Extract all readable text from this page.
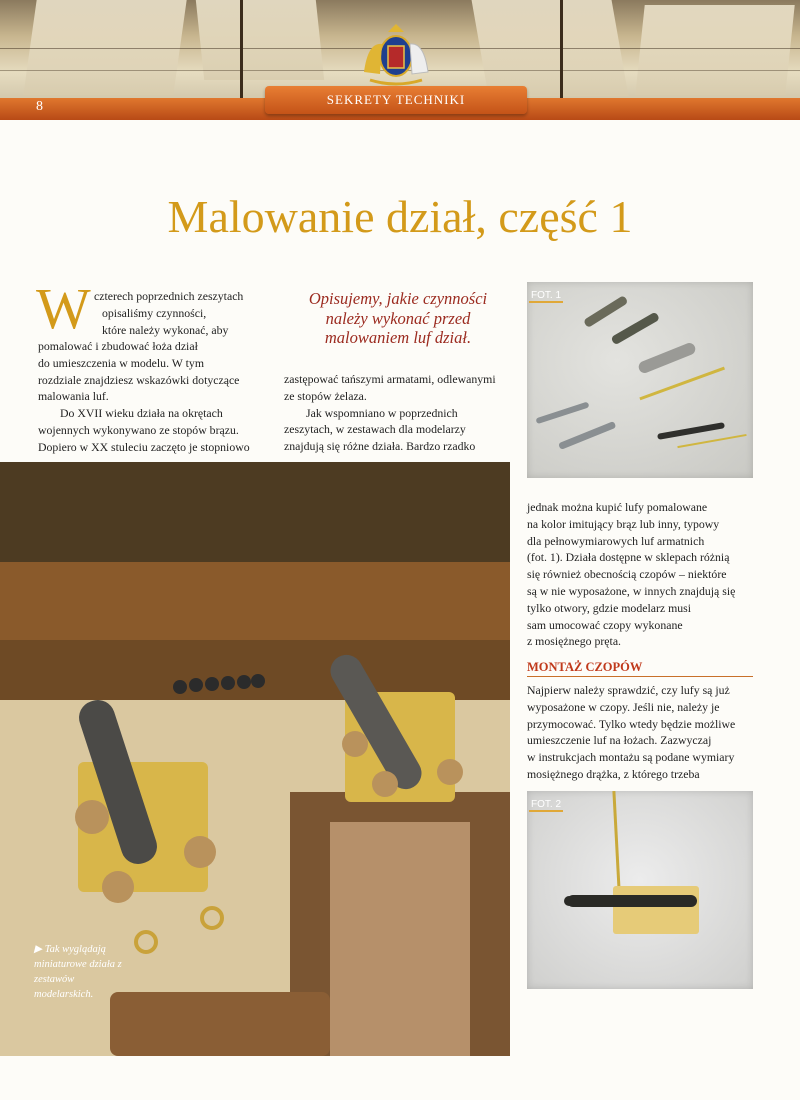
8	SEKRETY TECHNIKI
Malowanie dział, część 1
W czterech poprzednich zeszytach

opisaliśmy czynności,

które należy wykonać, aby

pomalować i zbudować łoża dział

do umieszczenia w modelu. W tym

rozdziale znajdziesz wskazówki dotyczące

malowania luf.

Do XVII wieku działa na okrętach

wojennych wykonywano ze stopów brązu.

Dopiero w XX stuleciu zaczęto je stopniowo

Opisujemy, jakie czynności należy wykonać przed malowaniem luf dział.

zastępować tańszymi armatami, odlewanymi

ze stopów żelaza.

Jak wspomniano w poprzednich

zeszytach, w zestawach dla modelarzy

znajdują się różne działa. Bardzo rzadko

FOT. 1

jednak można kupić lufy pomalowane

na kolor imitujący brąz lub inny, typowy

dla pełnowymiarowych luf armatnich

(fot. 1). Działa dostępne w sklepach różnią

się również obecnością czopów – niektóre

są w nie wyposażone, w innych znajdują się

tylko otwory, gdzie modelarz musi

sam umocować czopy wykonane

z mosiężnego pręta.

MONTAŻ CZOPÓW

Najpierw należy sprawdzić, czy lufy są już

wyposażone w czopy. Jeśli nie, należy je

przymocować. Tylko wtedy będzie możliwe

umieszczenie luf na łożach. Zazwyczaj

w instrukcjach montażu są podane wymiary

mosiężnego drążka, z którego trzeba

FOT. 2
▶ Tak wyglądają miniaturowe działa z zestawów modelarskich.
